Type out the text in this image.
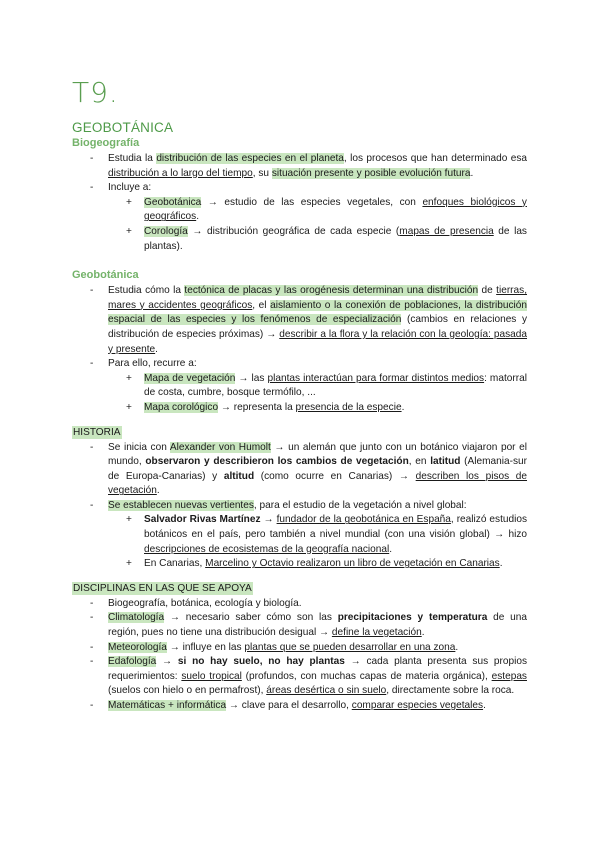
T9.
GEOBOTÁNICA
Biogeografía
- Estudia la distribución de las especies en el planeta, los procesos que han determinado esa distribución a lo largo del tiempo, su situación presente y posible evolución futura.
- Incluye a:
+ Geobotánica → estudio de las especies vegetales, con enfoques biológicos y geográficos.
+ Corología → distribución geográfica de cada especie (mapas de presencia de las plantas).
Geobotánica
- Estudia cómo la tectónica de placas y las orogénesis determinan una distribución de tierras, mares y accidentes geográficos, el aislamiento o la conexión de poblaciones, la distribución espacial de las especies y los fenómenos de especialización (cambios en relaciones y distribución de especies próximas) → describir a la flora y la relación con la geología: pasada y presente.
- Para ello, recurre a:
+ Mapa de vegetación → las plantas interactúan para formar distintos medios: matorral de costa, cumbre, bosque termófilo, ...
+ Mapa corológico → representa la presencia de la especie.
HISTORIA
- Se inicia con Alexander von Humolt → un alemán que junto con un botánico viajaron por el mundo, observaron y describieron los cambios de vegetación, en latitud (Alemania-sur de Europa-Canarias) y altitud (como ocurre en Canarias) → describen los pisos de vegetación.
- Se establecen nuevas vertientes, para el estudio de la vegetación a nivel global:
+ Salvador Rivas Martínez → fundador de la geobotánica en España, realizó estudios botánicos en el país, pero también a nivel mundial (con una visión global) → hizo descripciones de ecosistemas de la geografía nacional.
+ En Canarias, Marcelino y Octavio realizaron un libro de vegetación en Canarias.
DISCIPLINAS EN LAS QUE SE APOYA
- Biogeografía, botánica, ecología y biología.
- Climatología → necesario saber cómo son las precipitaciones y temperatura de una región, pues no tiene una distribución desigual → define la vegetación.
- Meteorología → influye en las plantas que se pueden desarrollar en una zona.
- Edafología → si no hay suelo, no hay plantas → cada planta presenta sus propios requerimientos: suelo tropical (profundos, con muchas capas de materia orgánica), estepas (suelos con hielo o en permafrost), áreas desértica o sin suelo, directamente sobre la roca.
- Matemáticas + informática → clave para el desarrollo, comparar especies vegetales.
